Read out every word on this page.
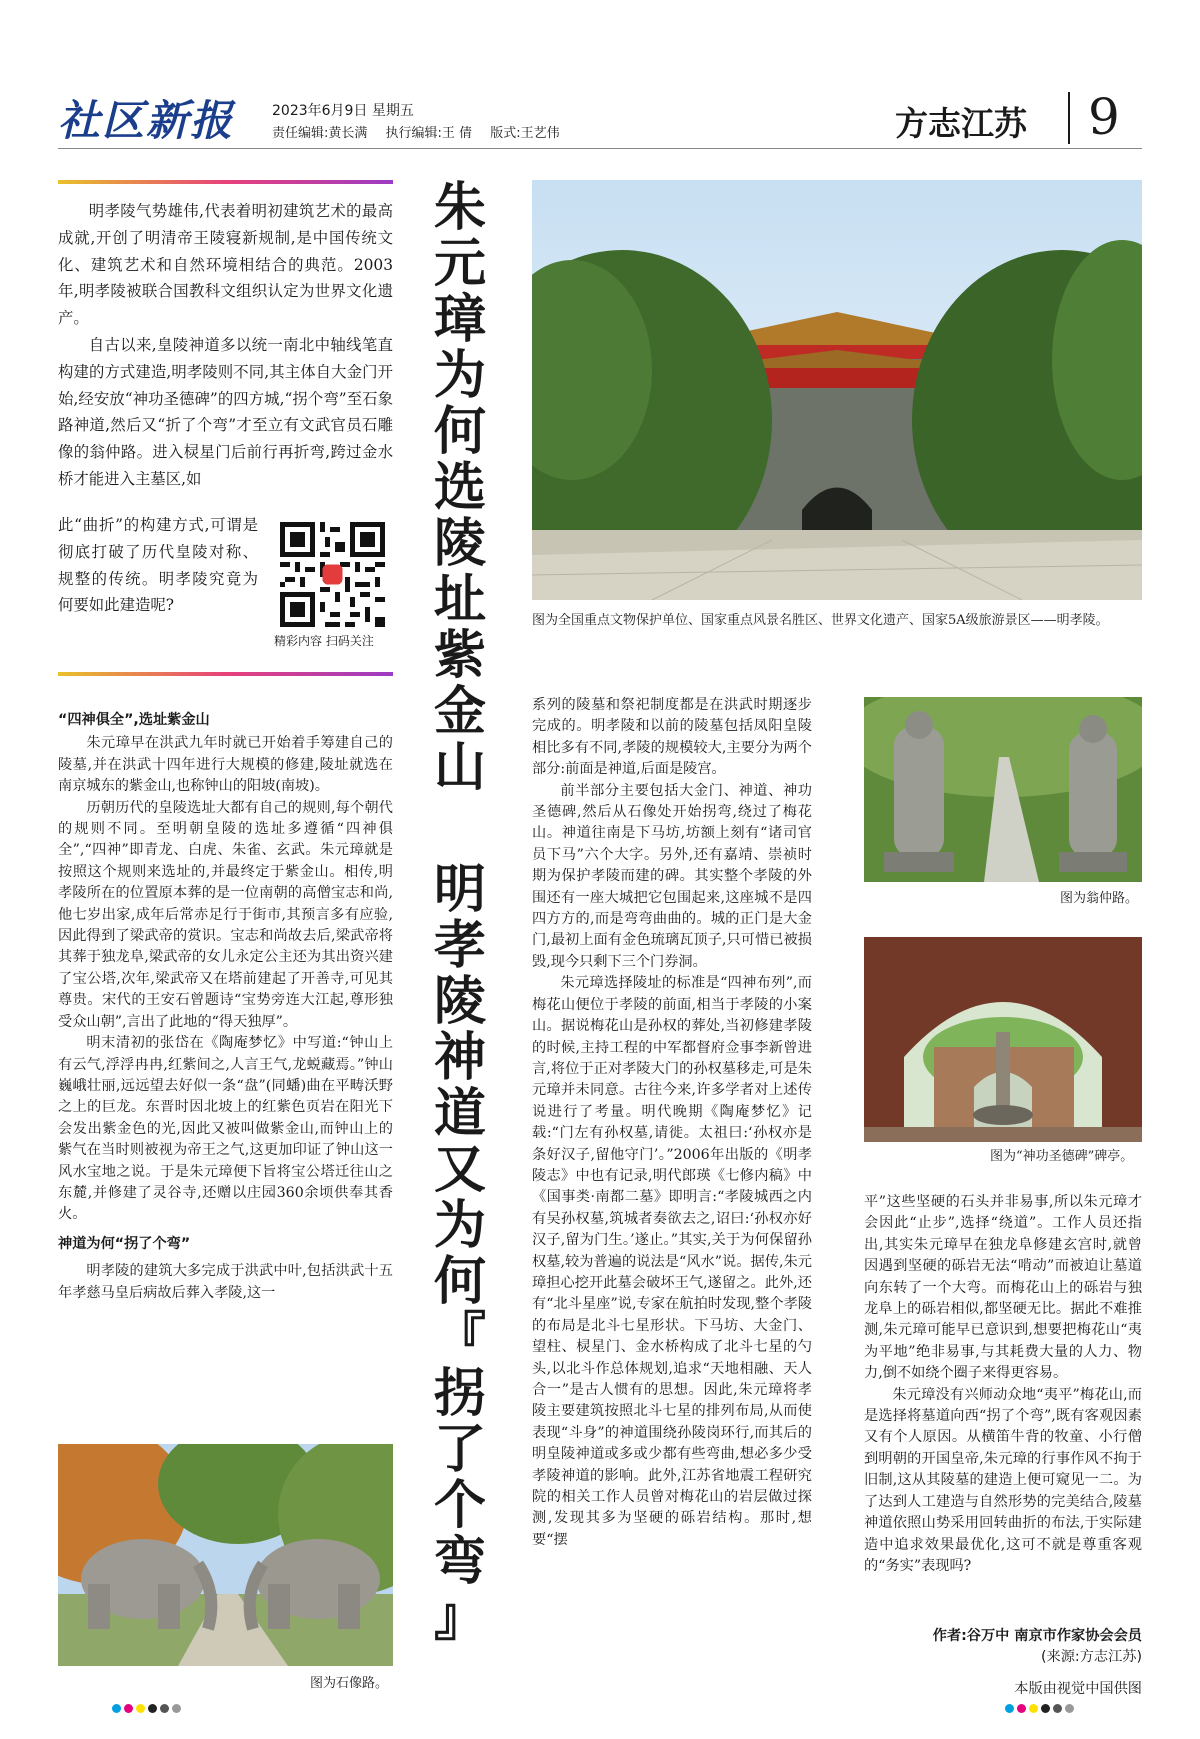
社区新报	2023年6月9日 星期五
责任编辑:黄长满 执行编辑:王 倩 版式:王艺伟	方志江苏 9

明孝陵气势雄伟,代表着明初建筑艺术的最高成就,开创了明清帝王陵寝新规制,是中国传统文化、建筑艺术和自然环境相结合的典范。2003年,明孝陵被联合国教科文组织认定为世界文化遗产。

自古以来,皇陵神道多以统一南北中轴线笔直构建的方式建造,明孝陵则不同,其主体自大金门开始,经安放“神功圣德碑”的四方城,“拐个弯”至石象路神道,然后又“折了个弯”才至立有文武官员石雕像的翁仲路。进入棂星门后前行再折弯,跨过金水桥才能进入主墓区,如

此“曲折”的构建方式,可谓是彻底打破了历代皇陵对称、规整的传统。明孝陵究竟为何要如此建造呢?

精彩内容 扫码关注
朱
元
璋
为
何
选
陵
址
紫
金
山
明
孝
陵
神
道
又
为
何
『
拐
了
个
弯
』
图为全国重点文物保护单位、国家重点风景名胜区、世界文化遗产、国家5A级旅游景区——明孝陵。
图为翁仲路。
图为“神功圣德碑”碑亭。
图为石像路。

“四神俱全”,选址紫金山

朱元璋早在洪武九年时就已开始着手筹建自己的陵墓,并在洪武十四年进行大规模的修建,陵址就选在南京城东的紫金山,也称钟山的阳坡(南坡)。

历朝历代的皇陵选址大都有自己的规则,每个朝代的规则不同。至明朝皇陵的选址多遵循“四神俱全”,“四神”即青龙、白虎、朱雀、玄武。朱元璋就是按照这个规则来选址的,并最终定于紫金山。相传,明孝陵所在的位置原本葬的是一位南朝的高僧宝志和尚,他七岁出家,成年后常赤足行于街市,其预言多有应验,因此得到了梁武帝的赏识。宝志和尚故去后,梁武帝将其葬于独龙阜,梁武帝的女儿永定公主还为其出资兴建了宝公塔,次年,梁武帝又在塔前建起了开善寺,可见其尊贵。宋代的王安石曾题诗“宝势旁连大江起,尊形独受众山朝”,言出了此地的“得天独厚”。

明末清初的张岱在《陶庵梦忆》中写道:“钟山上有云气,浮浮冉冉,红紫间之,人言王气,龙蜕藏焉。”钟山巍峨壮丽,远远望去好似一条“盘”(同蟠)曲在平畴沃野之上的巨龙。东晋时因北坡上的红紫色页岩在阳光下会发出紫金色的光,因此又被叫做紫金山,而钟山上的紫气在当时则被视为帝王之气,这更加印证了钟山这一风水宝地之说。于是朱元璋便下旨将宝公塔迁往山之东麓,并修建了灵谷寺,还赠以庄园360余顷供奉其香火。

神道为何“拐了个弯”

明孝陵的建筑大多完成于洪武中叶,包括洪武十五年孝慈马皇后病故后葬入孝陵,这一

系列的陵墓和祭祀制度都是在洪武时期逐步完成的。明孝陵和以前的陵墓包括凤阳皇陵相比多有不同,孝陵的规模较大,主要分为两个部分:前面是神道,后面是陵宫。

前半部分主要包括大金门、神道、神功圣德碑,然后从石像处开始拐弯,绕过了梅花山。神道往南是下马坊,坊额上刻有“诸司官员下马”六个大字。另外,还有嘉靖、崇祯时期为保护孝陵而建的碑。其实整个孝陵的外围还有一座大城把它包围起来,这座城不是四四方方的,而是弯弯曲曲的。城的正门是大金门,最初上面有金色琉璃瓦顶子,只可惜已被损毁,现今只剩下三个门券洞。

朱元璋选择陵址的标准是“四神布列”,而梅花山便位于孝陵的前面,相当于孝陵的小案山。据说梅花山是孙权的葬处,当初修建孝陵的时候,主持工程的中军都督府佥事李新曾进言,将位于正对孝陵大门的孙权墓移走,可是朱元璋并未同意。古往今来,许多学者对上述传说进行了考量。明代晚期《陶庵梦忆》记载:“门左有孙权墓,请徙。太祖曰:‘孙权亦是条好汉子,留他守门’。”2006年出版的《明孝陵志》中也有记录,明代郎瑛《七修内稿》中《国事类·南都二墓》即明言:“孝陵城西之内有吴孙权墓,筑城者奏欲去之,诏曰:‘孙权亦好汉子,留为门生。’遂止。”其实,关于为何保留孙权墓,较为普遍的说法是“风水”说。据传,朱元璋担心挖开此墓会破坏王气,遂留之。此外,还有“北斗星座”说,专家在航拍时发现,整个孝陵的布局是北斗七星形状。下马坊、大金门、望柱、棂星门、金水桥构成了北斗七星的勺头,以北斗作总体规划,追求“天地相融、天人合一”是古人惯有的思想。因此,朱元璋将孝陵主要建筑按照北斗七星的排列布局,从而使表现“斗身”的神道围绕孙陵岗环行,而其后的明皇陵神道或多或少都有些弯曲,想必多少受孝陵神道的影响。此外,江苏省地震工程研究院的相关工作人员曾对梅花山的岩层做过探测,发现其多为坚硬的砾岩结构。那时,想要“摆

平”这些坚硬的石头并非易事,所以朱元璋才会因此“止步”,选择“绕道”。工作人员还指出,其实朱元璋早在独龙阜修建玄宫时,就曾因遇到坚硬的砾岩无法“啃动”而被迫让墓道向东转了一个大弯。而梅花山上的砾岩与独龙阜上的砾岩相似,都坚硬无比。据此不难推测,朱元璋可能早已意识到,想要把梅花山“夷为平地”绝非易事,与其耗费大量的人力、物力,倒不如绕个圈子来得更容易。

朱元璋没有兴师动众地“夷平”梅花山,而是选择将墓道向西“拐了个弯”,既有客观因素又有个人原因。从横笛牛背的牧童、小行僧到明朝的开国皇帝,朱元璋的行事作风不拘于旧制,这从其陵墓的建造上便可窥见一二。为了达到人工建造与自然形势的完美结合,陵墓神道依照山势采用回转曲折的布法,于实际建造中追求效果最优化,这可不就是尊重客观的“务实”表现吗?

作者:谷万中 南京市作家协会会员
(来源:方志江苏)
本版由视觉中国供图
